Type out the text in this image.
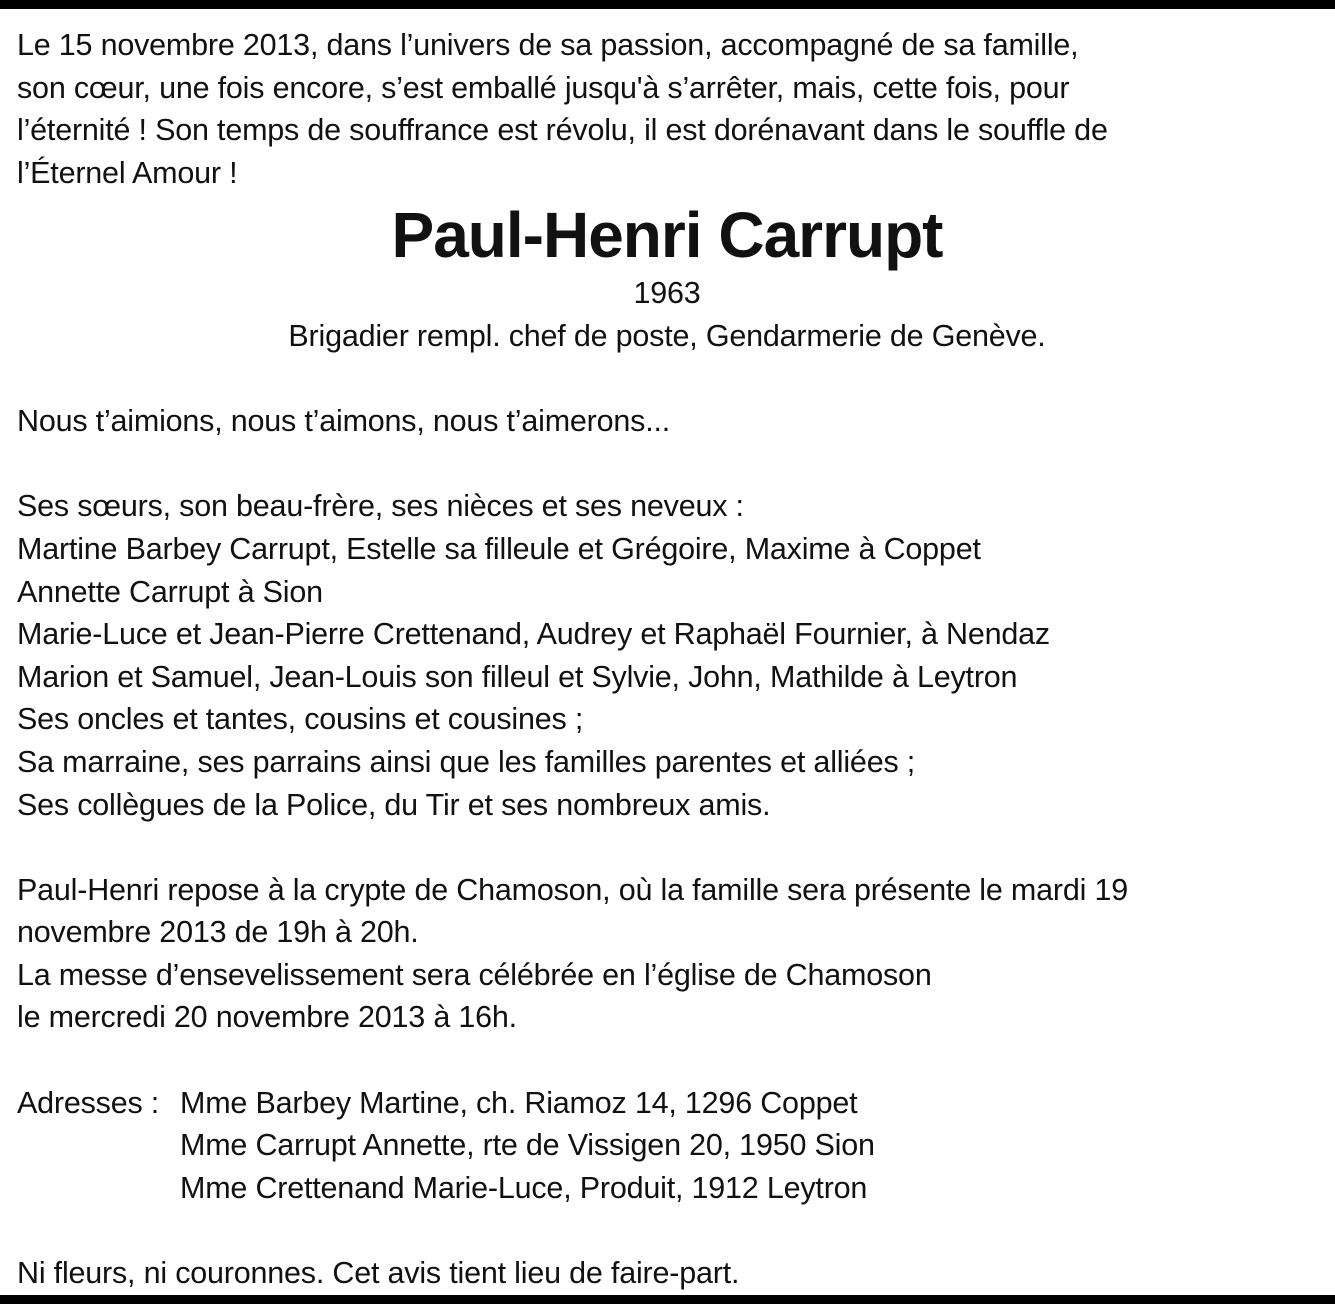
Le 15 novembre 2013, dans l’univers de sa passion, accompagné de sa famille,
son cœur, une fois encore, s’est emballé jusqu'à s’arrêter, mais, cette fois, pour
l’éternité ! Son temps de souffrance est révolu, il est dorénavant dans le souffle de
l’Éternel Amour !
Paul-Henri Carrupt
1963
Brigadier rempl. chef de poste, Gendarmerie de Genève.
Nous t’aimions, nous t’aimons, nous t’aimerons...
Ses sœurs, son beau-frère, ses nièces et ses neveux :
Martine Barbey Carrupt, Estelle sa filleule et Grégoire, Maxime à Coppet
Annette Carrupt à Sion
Marie-Luce et Jean-Pierre Crettenand, Audrey et Raphaël Fournier, à Nendaz
Marion et Samuel, Jean-Louis son filleul et Sylvie, John, Mathilde à Leytron
Ses oncles et tantes, cousins et cousines ;
Sa marraine, ses parrains ainsi que les familles parentes et alliées ;
Ses collègues de la Police, du Tir et ses nombreux amis.
Paul-Henri repose à la crypte de Chamoson, où la famille sera présente le mardi 19
novembre 2013 de 19h à 20h.
La messe d’ensevelissement sera célébrée en l’église de Chamoson
le mercredi 20 novembre 2013 à 16h.
Adresses : Mme Barbey Martine, ch. Riamoz 14, 1296 Coppet
Mme Carrupt Annette, rte de Vissigen 20, 1950 Sion
Mme Crettenand Marie-Luce, Produit, 1912 Leytron
Ni fleurs, ni couronnes. Cet avis tient lieu de faire-part.
